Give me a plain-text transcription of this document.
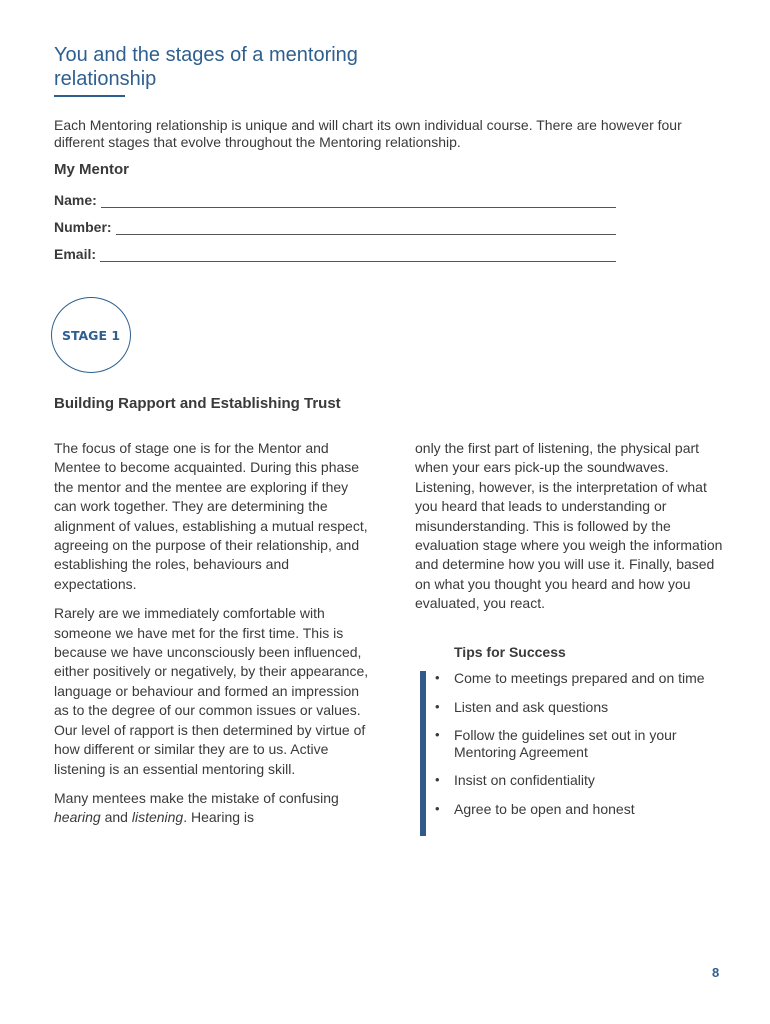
You and the stages of a mentoring relationship

Each Mentoring relationship is unique and will chart its own individual course. There are however four different stages that evolve throughout the Mentoring relationship.

My Mentor
Name:
Number:
Email:
STAGE 1
Building Rapport and Establishing Trust

The focus of stage one is for the Mentor and Mentee to become acquainted. During this phase the mentor and the mentee are exploring if they can work together. They are determining the alignment of values, establishing a mutual respect, agreeing on the purpose of their relationship, and establishing the roles, behaviours and expectations.

Rarely are we immediately comfortable with someone we have met for the first time. This is because we have unconsciously been influenced, either positively or negatively, by their appearance, language or behaviour and formed an impression as to the degree of our common issues or values. Our level of rapport is then determined by virtue of how different or similar they are to us. Active listening is an essential mentoring skill.

Many mentees make the mistake of confusing hearing and listening. Hearing is

only the first part of listening, the physical part when your ears pick-up the soundwaves. Listening, however, is the interpretation of what you heard that leads to understanding or misunderstanding. This is followed by the evaluation stage where you weigh the information and determine how you will use it. Finally, based on what you thought you heard and how you evaluated, you react.

Tips for Success
• Come to meetings prepared and on time
• Listen and ask questions
• Follow the guidelines set out in your Mentoring Agreement
• Insist on confidentiality
• Agree to be open and honest
8
